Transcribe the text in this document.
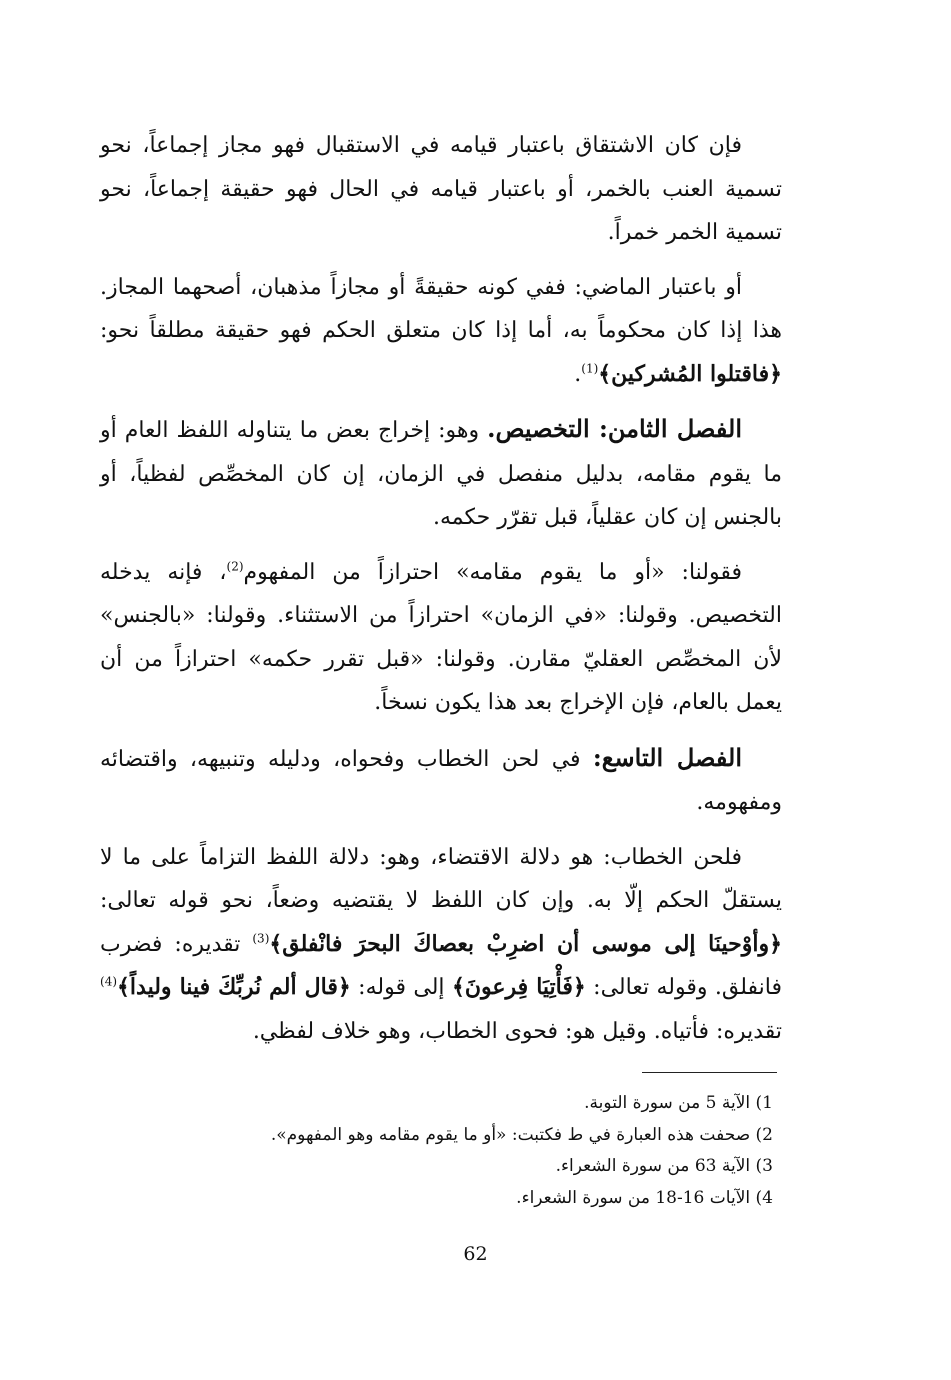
فإن كان الاشتقاق باعتبار قيامه في الاستقبال فهو مجاز إجماعاً، نحو تسمية العنب بالخمر، أو باعتبار قيامه في الحال فهو حقيقة إجماعاً، نحو تسمية الخمر خمراً.

أو باعتبار الماضي: ففي كونه حقيقةً أو مجازاً مذهبان، أصحهما المجاز. هذا إذا كان محكوماً به، أما إذا كان متعلق الحكم فهو حقيقة مطلقاً نحو: ﴿فاقتلوا المُشركين﴾$^{(1)}$.

الفصل الثامن: التخصيص. وهو: إخراج بعض ما يتناوله اللفظ العام أو ما يقوم مقامه، بدليل منفصل في الزمان، إن كان المخصِّص لفظياً، أو بالجنس إن كان عقلياً، قبل تقرّر حكمه.

فقولنا: «أو ما يقوم مقامه» احترازاً من المفهوم$^{(2)}$، فإنه يدخله التخصيص. وقولنا: «في الزمان» احترازاً من الاستثناء. وقولنا: «بالجنس» لأن المخصِّص العقليّ مقارن. وقولنا: «قبل تقرر حكمه» احترازاً من أن يعمل بالعام، فإن الإخراج بعد هذا يكون نسخاً.

الفصل التاسع: في لحن الخطاب وفحواه، ودليله وتنبيهه، واقتضائه ومفهومه.

فلحن الخطاب: هو دلالة الاقتضاء، وهو: دلالة اللفظ التزاماً على ما لا يستقلّ الحكم إلّا به. وإن كان اللفظ لا يقتضيه وضعاً، نحو قوله تعالى: ﴿وأوْحينَا إلى موسى أن اضرِبْ بعصاكَ البحرَ فانْفلق﴾$^{(3)}$ تقديره: فضرب فانفلق. وقوله تعالى: ﴿فَأْتِيَا فِرعونَ﴾ إلى قوله: ﴿قال ألم نُربِّكَ فينا وليداً﴾$^{(4)}$ تقديره: فأتياه. وقيل هو: فحوى الخطاب، وهو خلاف لفظي.

1) الآية 5 من سورة التوبة.
2) صحفت هذه العبارة في ط فكتبت: «أو ما يقوم مقامه وهو المفهوم».
3) الآية 63 من سورة الشعراء.
4) الآيات 16-18 من سورة الشعراء.
62
